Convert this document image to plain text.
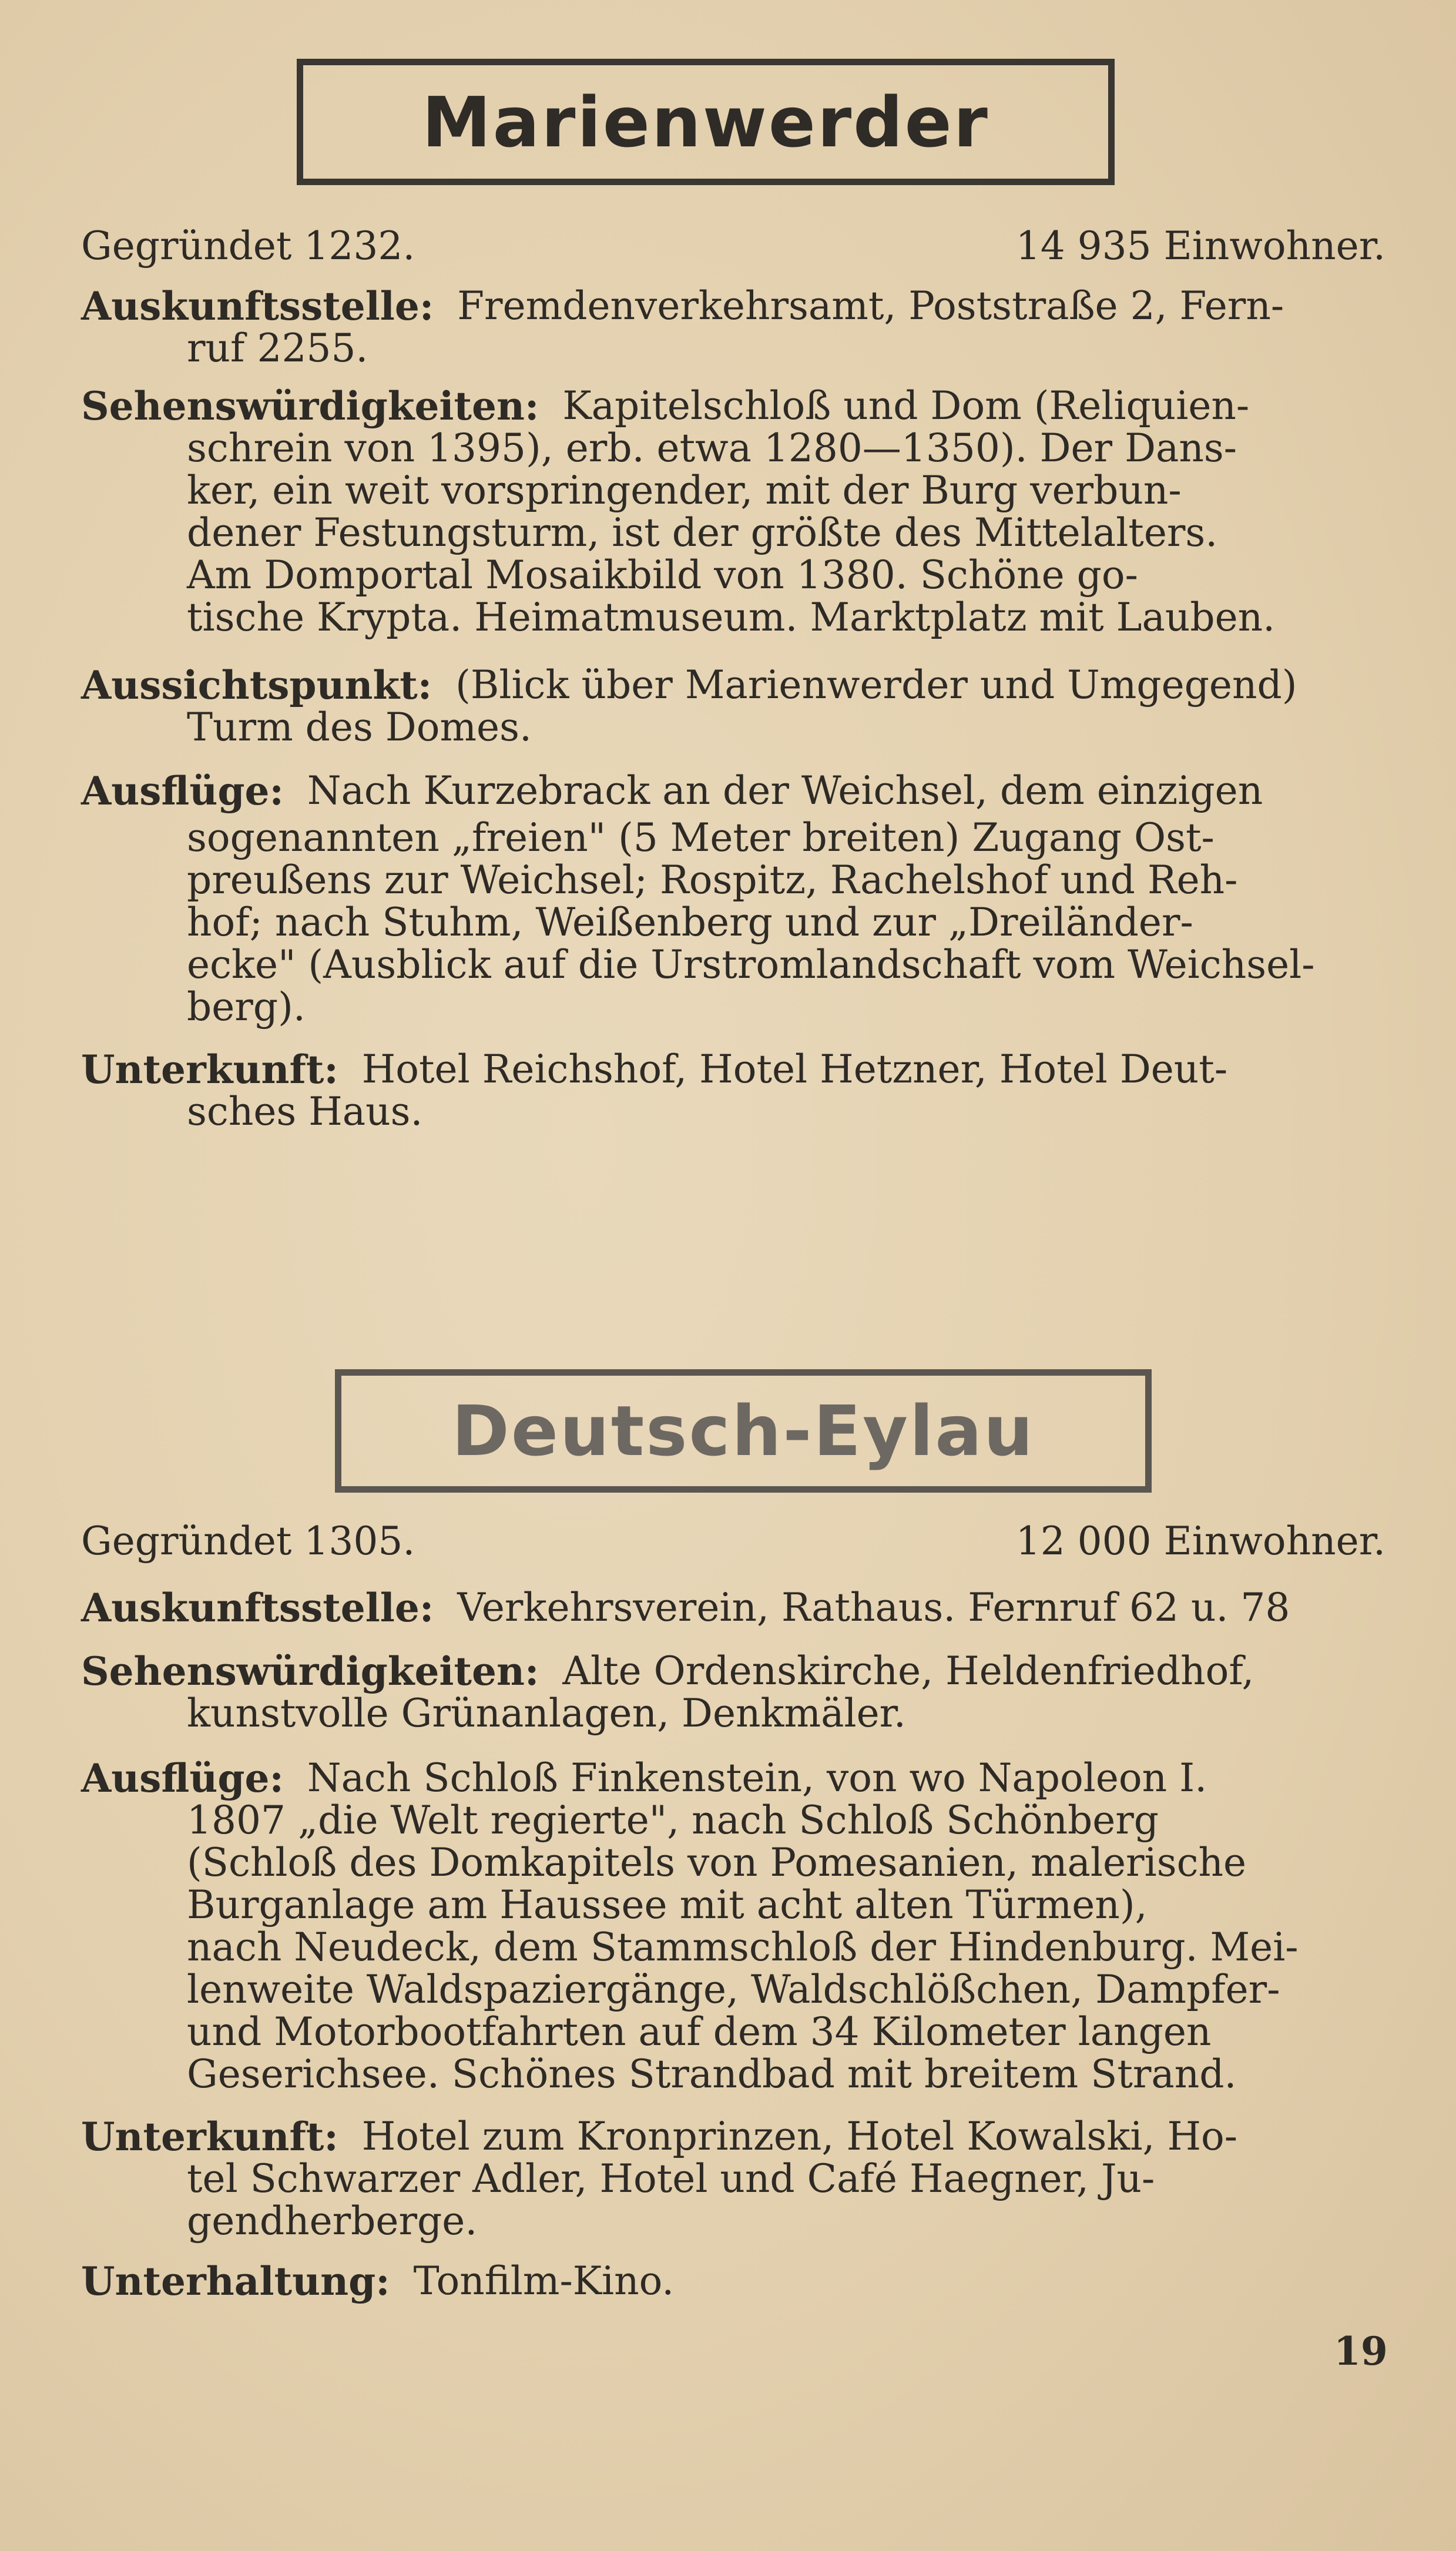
Marienwerder
Gegründet 1232.	14 935 Einwohner.
Auskunftsstelle: Fremdenverkehrsamt, Poststraße 2, Fern-
ruf 2255.
Sehenswürdigkeiten: Kapitelschloß und Dom (Reliquien-
schrein von 1395), erb. etwa 1280—1350). Der Dans-
ker, ein weit vorspringender, mit der Burg verbun-
dener Festungsturm, ist der größte des Mittelalters.
Am Domportal Mosaikbild von 1380. Schöne go-
tische Krypta. Heimatmuseum. Marktplatz mit Lauben.
Aussichtspunkt: (Blick über Marienwerder und Umgegend)
Turm des Domes.
Ausflüge: Nach Kurzebrack an der Weichsel, dem einzigen
sogenannten „freien" (5 Meter breiten) Zugang Ost-
preußens zur Weichsel; Rospitz, Rachelshof und Reh-
hof; nach Stuhm, Weißenberg und zur „Dreiländer-
ecke" (Ausblick auf die Urstromlandschaft vom Weichsel-
berg).
Unterkunft: Hotel Reichshof, Hotel Hetzner, Hotel Deut-
sches Haus.
Deutsch-Eylau
Gegründet 1305.	12 000 Einwohner.
Auskunftsstelle: Verkehrsverein, Rathaus. Fernruf 62 u. 78
Sehenswürdigkeiten: Alte Ordenskirche, Heldenfriedhof,
kunstvolle Grünanlagen, Denkmäler.
Ausflüge: Nach Schloß Finkenstein, von wo Napoleon I.
1807 „die Welt regierte", nach Schloß Schönberg
(Schloß des Domkapitels von Pomesanien, malerische
Burganlage am Haussee mit acht alten Türmen),
nach Neudeck, dem Stammschloß der Hindenburg. Mei-
lenweite Waldspaziergänge, Waldschlößchen, Dampfer-
und Motorbootfahrten auf dem 34 Kilometer langen
Geserichsee. Schönes Strandbad mit breitem Strand.
Unterkunft: Hotel zum Kronprinzen, Hotel Kowalski, Ho-
tel Schwarzer Adler, Hotel und Café Haegner, Ju-
gendherberge.
Unterhaltung: Tonfilm-Kino.
19
